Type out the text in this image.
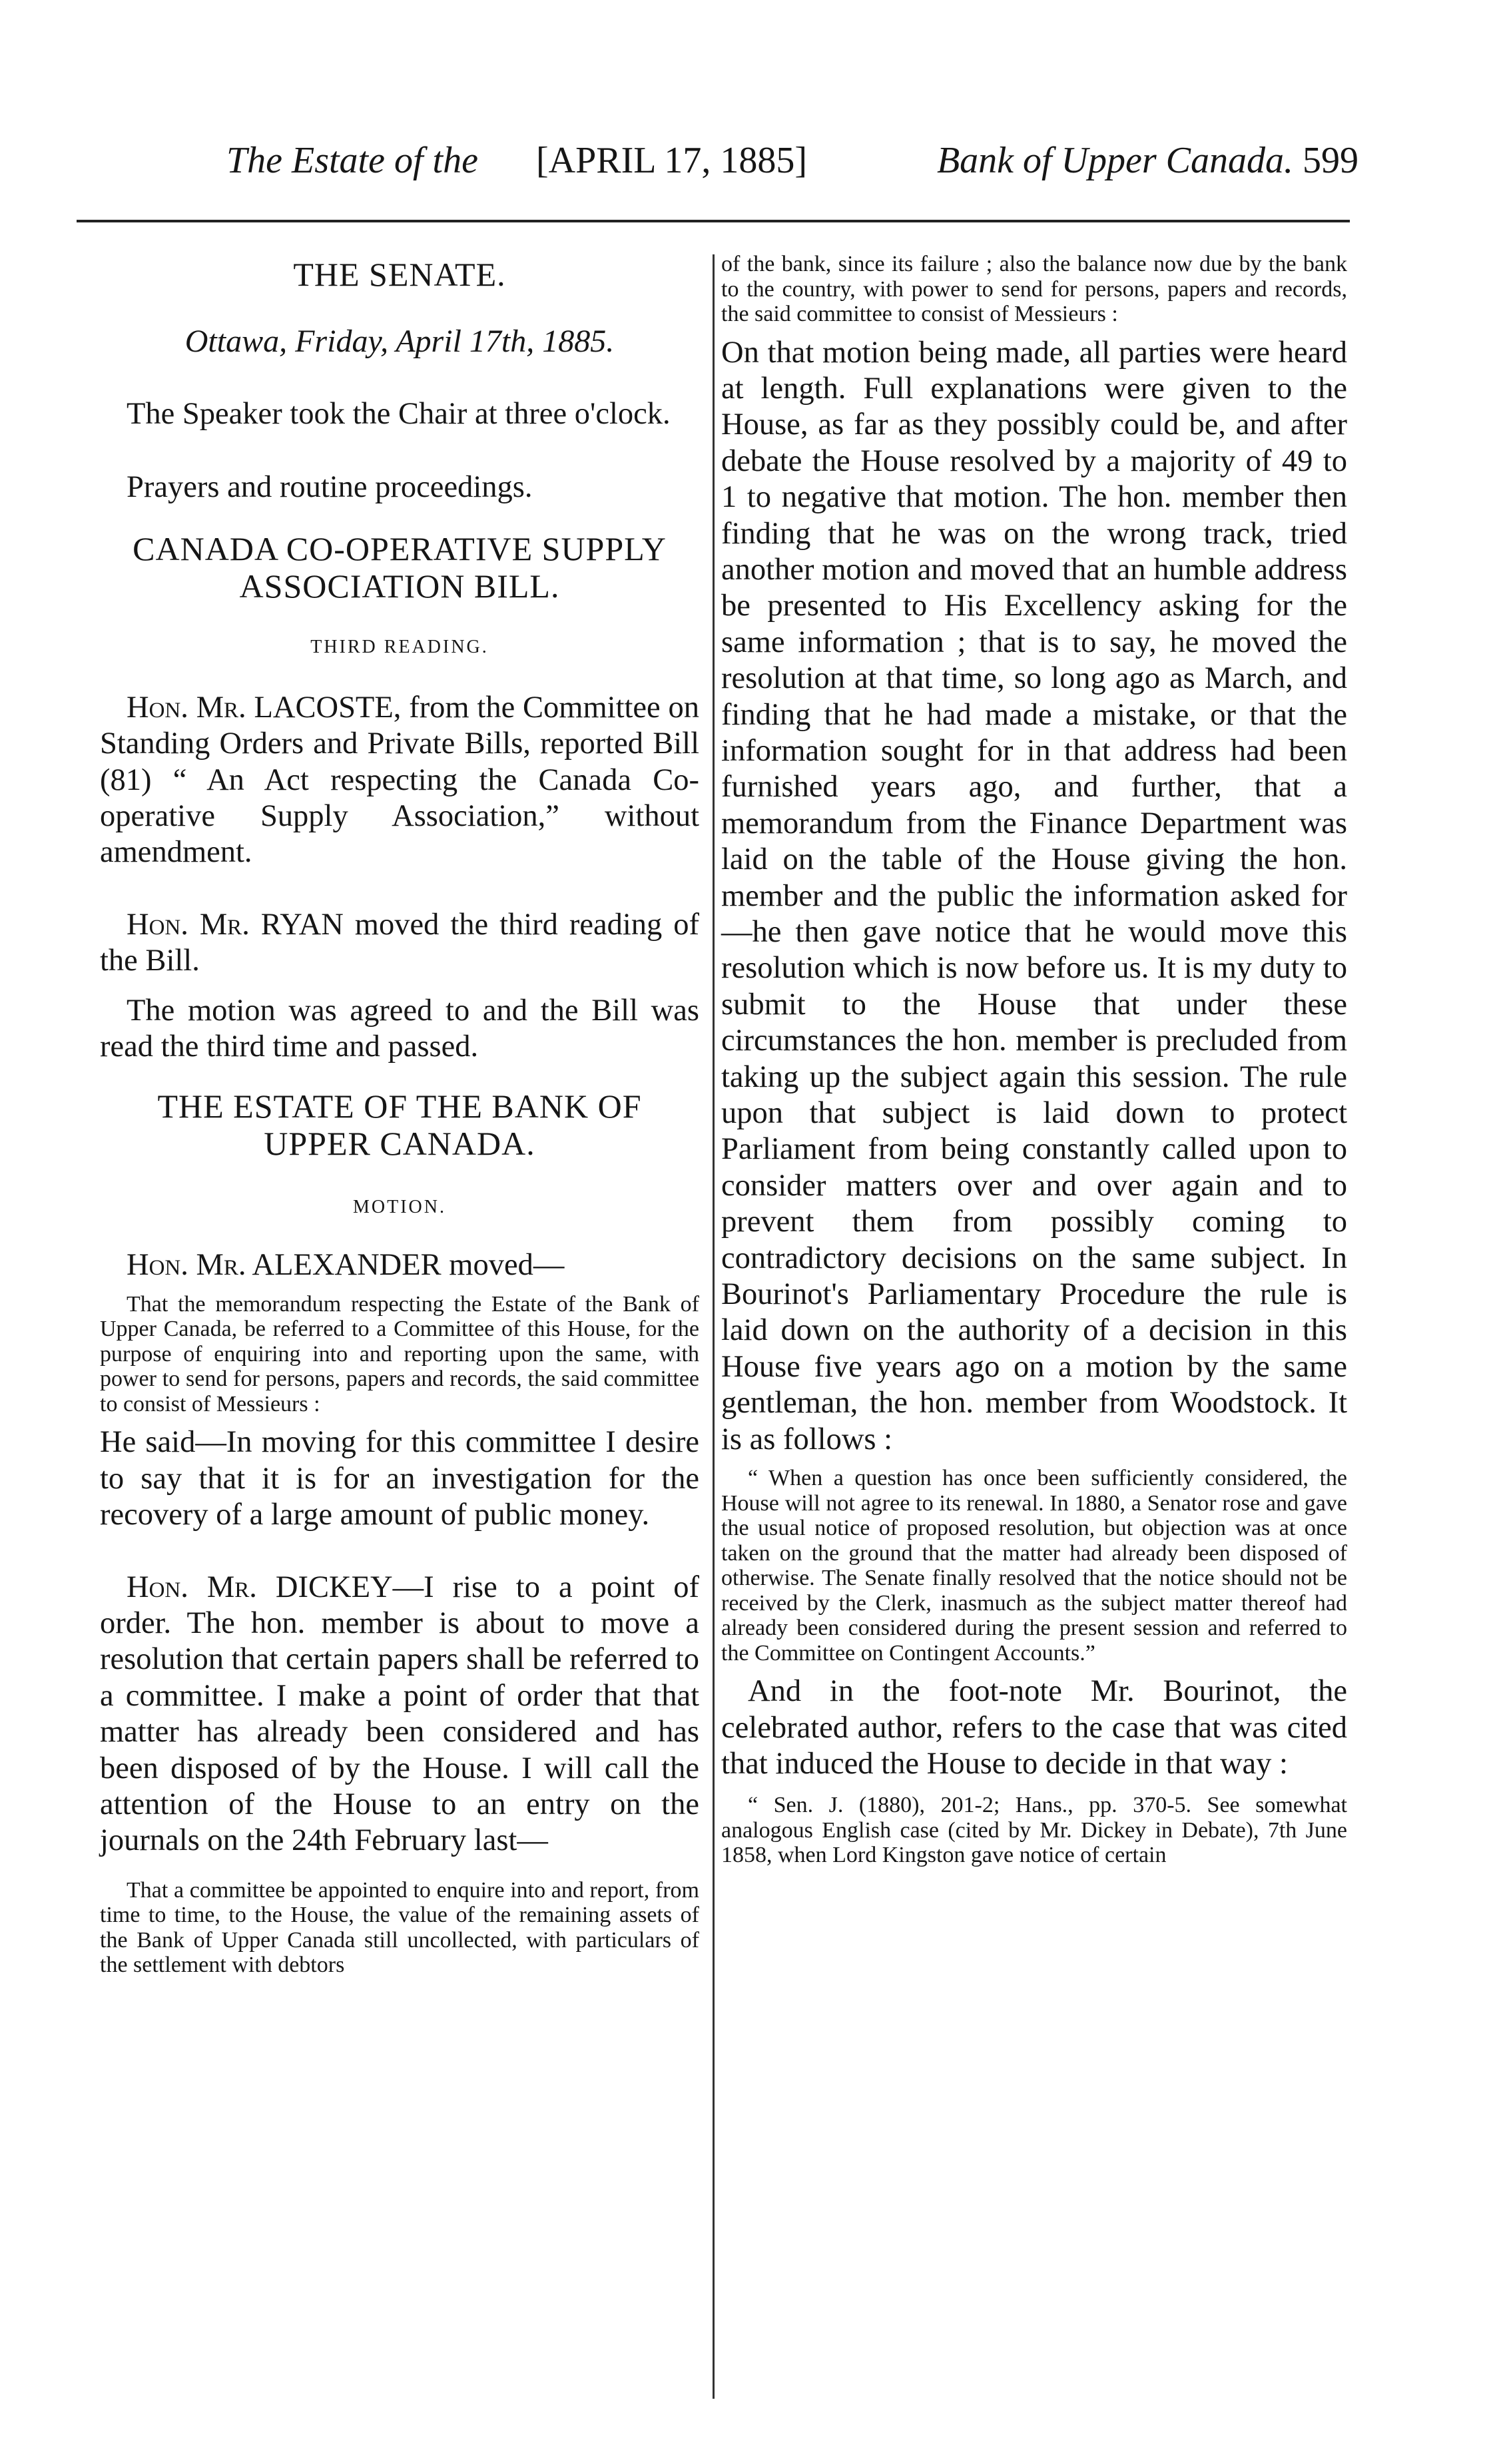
The Estate of the [APRIL 17, 1885]	Bank of Upper Canada. 599

THE SENATE.

Ottawa, Friday, April 17th, 1885.

The Speaker took the Chair at three o'clock.

Prayers and routine proceedings.

CANADA CO-OPERATIVE SUPPLY ASSOCIATION BILL.

THIRD READING.

Hon. Mr. LACOSTE, from the Committee on Standing Orders and Private Bills, reported Bill (81) “ An Act respecting the Canada Co-operative Supply Association,” without amendment.

Hon. Mr. RYAN moved the third reading of the Bill.

The motion was agreed to and the Bill was read the third time and passed.

THE ESTATE OF THE BANK OF UPPER CANADA.

MOTION.

Hon. Mr. ALEXANDER moved—

That the memorandum respecting the Estate of the Bank of Upper Canada, be referred to a Committee of this House, for the purpose of enquiring into and reporting upon the same, with power to send for persons, papers and records, the said committee to consist of Messieurs :

He said—In moving for this committee I desire to say that it is for an investigation for the recovery of a large amount of public money.

Hon. Mr. DICKEY—I rise to a point of order. The hon. member is about to move a resolution that certain papers shall be referred to a committee. I make a point of order that that matter has already been considered and has been disposed of by the House. I will call the attention of the House to an entry on the journals on the 24th February last—

That a committee be appointed to enquire into and report, from time to time, to the House, the value of the remaining assets of the Bank of Upper Canada still uncollected, with particulars of the settlement with debtors

of the bank, since its failure ; also the balance now due by the bank to the country, with power to send for persons, papers and records, the said committee to consist of Messieurs :

On that motion being made, all parties were heard at length. Full explanations were given to the House, as far as they possibly could be, and after debate the House resolved by a majority of 49 to 1 to negative that motion. The hon. member then finding that he was on the wrong track, tried another motion and moved that an humble address be presented to His Excellency asking for the same information ; that is to say, he moved the resolution at that time, so long ago as March, and finding that he had made a mistake, or that the information sought for in that address had been furnished years ago, and further, that a memorandum from the Finance Department was laid on the table of the House giving the hon. member and the public the information asked for—he then gave notice that he would move this resolution which is now before us. It is my duty to submit to the House that under these circumstances the hon. member is precluded from taking up the subject again this session. The rule upon that subject is laid down to protect Parliament from being constantly called upon to consider matters over and over again and to prevent them from possibly coming to contradictory decisions on the same subject. In Bourinot's Parliamentary Procedure the rule is laid down on the authority of a decision in this House five years ago on a motion by the same gentleman, the hon. member from Woodstock. It is as follows :

“ When a question has once been sufficiently considered, the House will not agree to its renewal. In 1880, a Senator rose and gave the usual notice of proposed resolution, but objection was at once taken on the ground that the matter had already been disposed of otherwise. The Senate finally resolved that the notice should not be received by the Clerk, inasmuch as the subject matter thereof had already been considered during the present session and referred to the Committee on Contingent Accounts.”

And in the foot-note Mr. Bourinot, the celebrated author, refers to the case that was cited that induced the House to decide in that way :

“ Sen. J. (1880), 201-2; Hans., pp. 370-5. See somewhat analogous English case (cited by Mr. Dickey in Debate), 7th June 1858, when Lord Kingston gave notice of certain
